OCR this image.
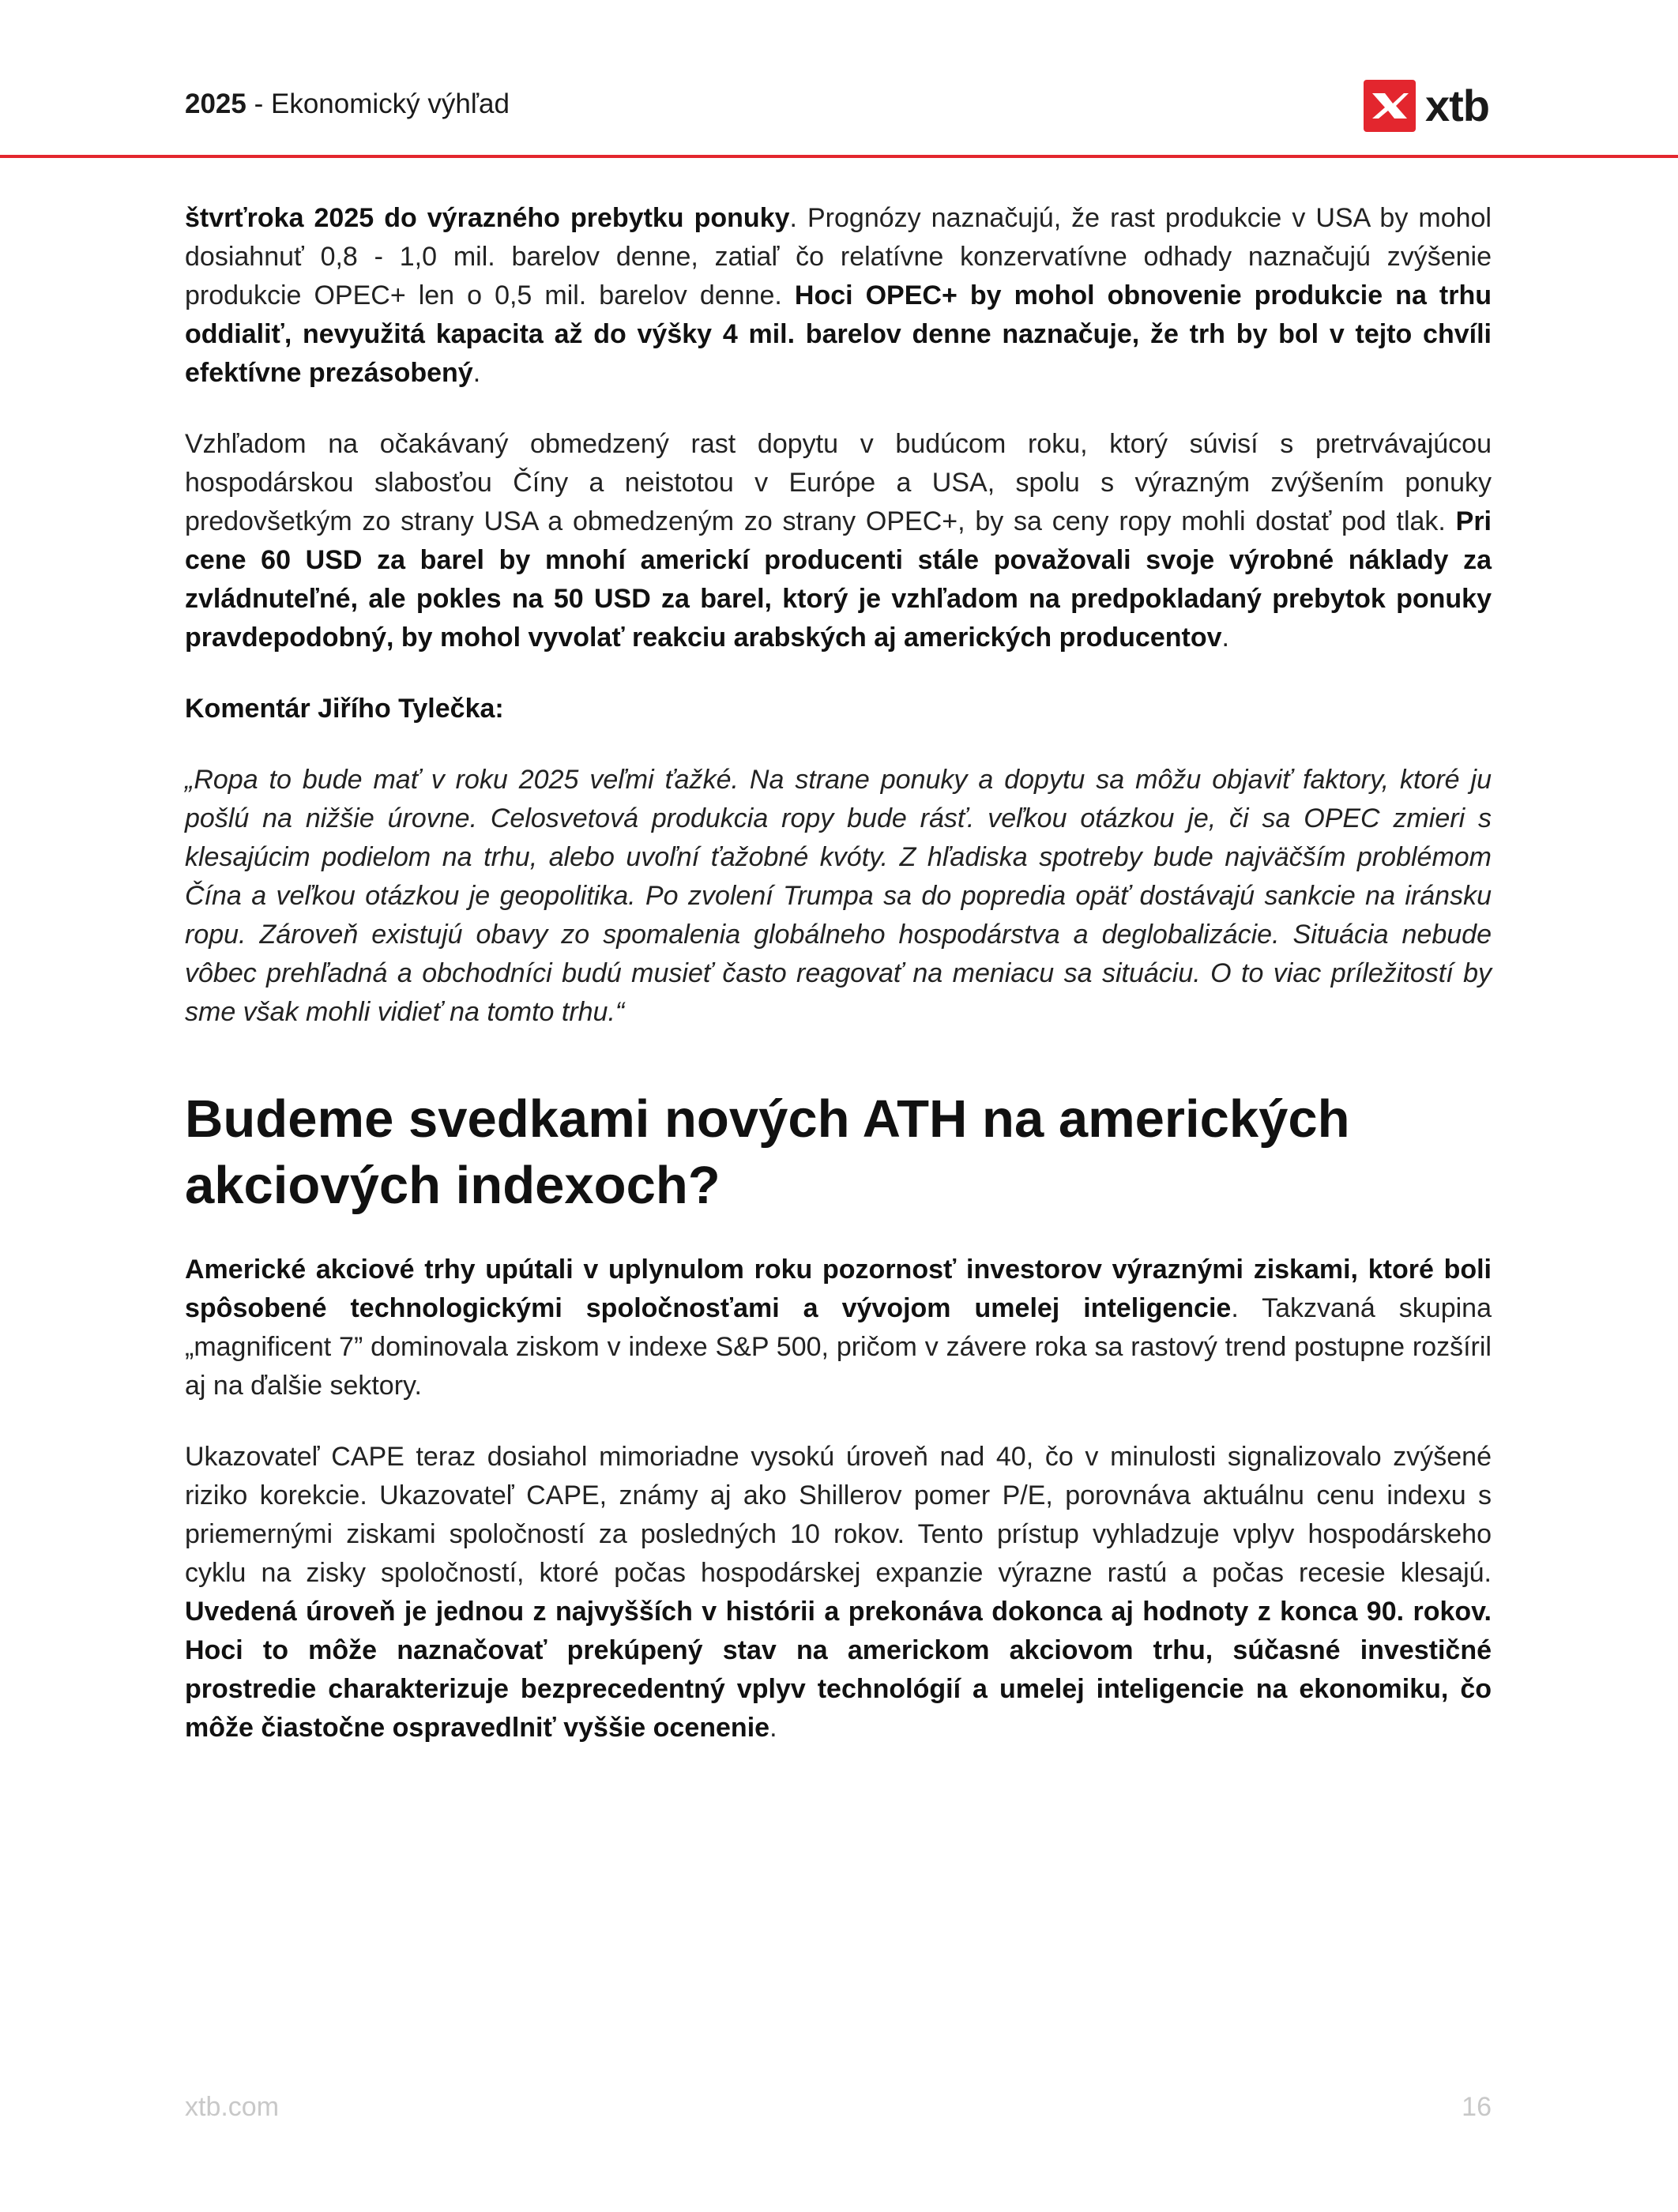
2025 - Ekonomický výhľad	xtb

štvrťroka 2025 do výrazného prebytku ponuky. Prognózy naznačujú, že rast produkcie v USA by mohol dosiahnuť 0,8 - 1,0 mil. barelov denne, zatiaľ čo relatívne konzervatívne odhady naznačujú zvýšenie produkcie OPEC+ len o 0,5 mil. barelov denne. Hoci OPEC+ by mohol obnovenie produkcie na trhu oddialiť, nevyužitá kapacita až do výšky 4 mil. barelov denne naznačuje, že trh by bol v tejto chvíli efektívne prezásobený.

Vzhľadom na očakávaný obmedzený rast dopytu v budúcom roku, ktorý súvisí s pretrvávajúcou hospodárskou slabosťou Číny a neistotou v Európe a USA, spolu s výrazným zvýšením ponuky predovšetkým zo strany USA a obmedzeným zo strany OPEC+, by sa ceny ropy mohli dostať pod tlak. Pri cene 60 USD za barel by mnohí americkí producenti stále považovali svoje výrobné náklady za zvládnuteľné, ale pokles na 50 USD za barel, ktorý je vzhľadom na predpokladaný prebytok ponuky pravdepodobný, by mohol vyvolať reakciu arabských aj amerických producentov.

Komentár Jiřího Tylečka:

„Ropa to bude mať v roku 2025 veľmi ťažké. Na strane ponuky a dopytu sa môžu objaviť faktory, ktoré ju pošlú na nižšie úrovne. Celosvetová produkcia ropy bude rásť. veľkou otázkou je, či sa OPEC zmieri s klesajúcim podielom na trhu, alebo uvoľní ťažobné kvóty. Z hľadiska spotreby bude najväčším problémom Čína a veľkou otázkou je geopolitika. Po zvolení Trumpa sa do popredia opäť dostávajú sankcie na iránsku ropu. Zároveň existujú obavy zo spomalenia globálneho hospodárstva a deglobalizácie. Situácia nebude vôbec prehľadná a obchodníci budú musieť často reagovať na meniacu sa situáciu. O to viac príležitostí by sme však mohli vidieť na tomto trhu.“

Budeme svedkami nových ATH na amerických akciových indexoch?

Americké akciové trhy upútali v uplynulom roku pozornosť investorov výraznými ziskami, ktoré boli spôsobené technologickými spoločnosťami a vývojom umelej inteligencie. Takzvaná skupina „magnificent 7” dominovala ziskom v indexe S&P 500, pričom v závere roka sa rastový trend postupne rozšíril aj na ďalšie sektory.

Ukazovateľ CAPE teraz dosiahol mimoriadne vysokú úroveň nad 40, čo v minulosti signalizovalo zvýšené riziko korekcie. Ukazovateľ CAPE, známy aj ako Shillerov pomer P/E, porovnáva aktuálnu cenu indexu s priemernými ziskami spoločností za posledných 10 rokov. Tento prístup vyhladzuje vplyv hospodárskeho cyklu na zisky spoločností, ktoré počas hospodárskej expanzie výrazne rastú a počas recesie klesajú. Uvedená úroveň je jednou z najvyšších v histórii a prekonáva dokonca aj hodnoty z konca 90. rokov. Hoci to môže naznačovať prekúpený stav na americkom akciovom trhu, súčasné investičné prostredie charakterizuje bezprecedentný vplyv technológií a umelej inteligencie na ekonomiku, čo môže čiastočne ospravedlniť vyššie ocenenie.

xtb.com	16
